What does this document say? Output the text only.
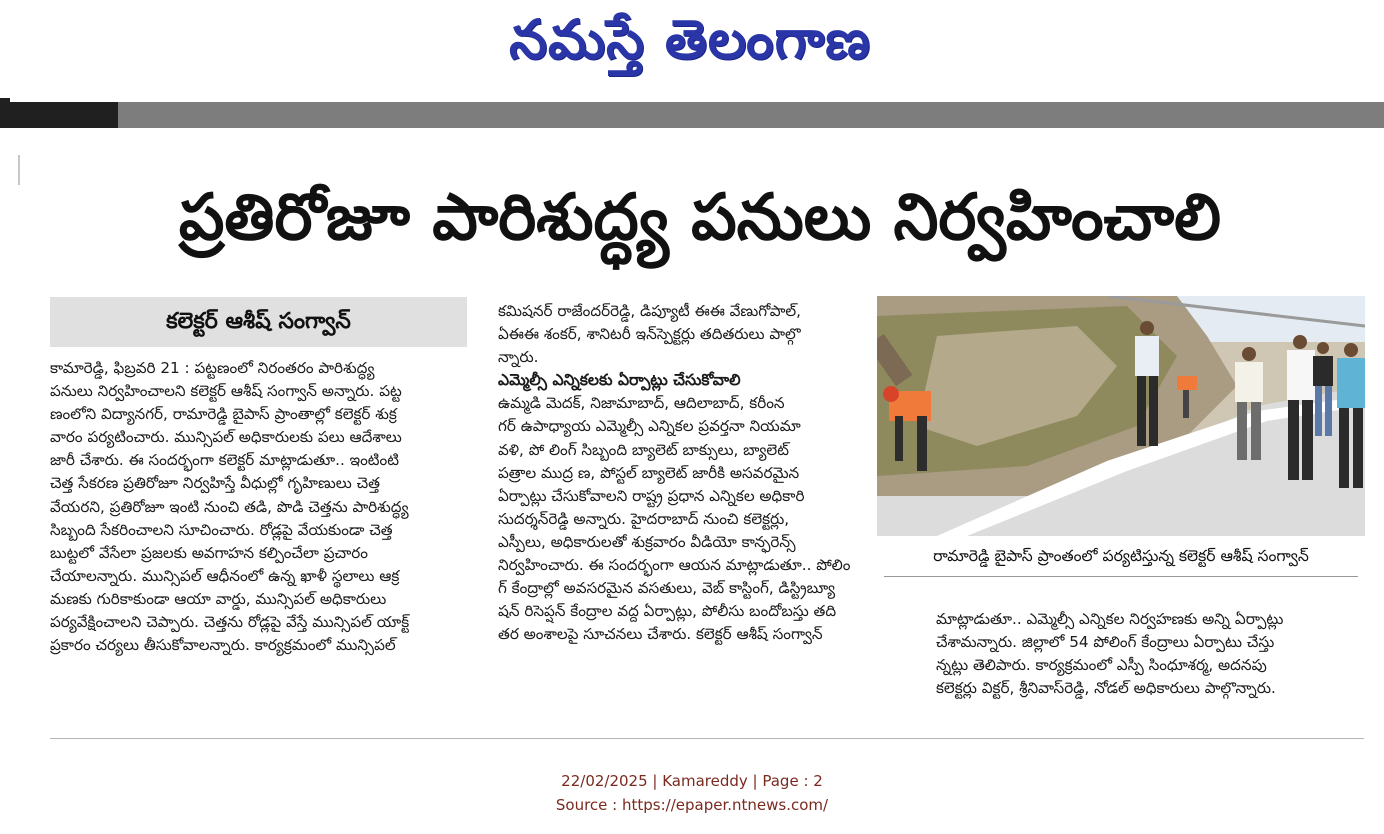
నమస్తే తెలంగాణ
ప్రతిరోజూ పారిశుద్ధ్య పనులు నిర్వహించాలి
కలెక్టర్ ఆశీష్ సంగ్వాన్

కామారెడ్డి, ఫిబ్రవరి 21 : పట్టణంలో నిరంతరం పారిశుద్ధ్య

పనులు నిర్వహించాలని కలెక్టర్ ఆశీష్ సంగ్వాన్ అన్నారు. పట్ట

ణంలోని విద్యానగర్, రామారెడ్డి బైపాస్ ప్రాంతాల్లో కలెక్టర్ శుక్ర

వారం పర్యటించారు. మున్సిపల్ అధికారులకు పలు ఆదేశాలు

జారీ చేశారు. ఈ సందర్భంగా కలెక్టర్ మాట్లాడుతూ.. ఇంటింటి

చెత్త సేకరణ ప్రతిరోజూ నిర్వహిస్తే వీధుల్లో గృహిణులు చెత్త

వేయరని, ప్రతిరోజూ ఇంటి నుంచి తడి, పొడి చెత్తను పారిశుద్ధ్య

సిబ్బంది సేకరించాలని సూచించారు. రోడ్లపై వేయకుండా చెత్త

బుట్టలో వేసేలా ప్రజలకు అవగాహన కల్పించేలా ప్రచారం

చేయాలన్నారు. మున్సిపల్ ఆధీనంలో ఉన్న ఖాళీ స్థలాలు ఆక్ర

మణకు గురికాకుండా ఆయా వార్డు, మున్సిపల్ అధికారులు

పర్యవేక్షించాలని చెప్పారు. చెత్తను రోడ్లపై వేస్తే మున్సిపల్ యాక్ట్

ప్రకారం చర్యలు తీసుకోవాలన్నారు. కార్యక్రమంలో మున్సిపల్

కమిషనర్ రాజేందర్‌రెడ్డి, డిప్యూటీ ఈఈ వేణుగోపాల్,

ఏఈఈ శంకర్, శానిటరీ ఇన్‌స్పెక్టర్లు తదితరులు పాల్గొ

న్నారు.

ఎమ్మెల్సీ ఎన్నికలకు ఏర్పాట్లు చేసుకోవాలి

ఉమ్మడి మెదక్, నిజామాబాద్, ఆదిలాబాద్, కరీంన

గర్ ఉపాధ్యాయ ఎమ్మెల్సీ ఎన్నికల ప్రవర్తనా నియమా

వళి, పో లింగ్ సిబ్బంది బ్యాలెట్ బాక్సులు, బ్యాలెట్

పత్రాల ముద్ర ణ, పోస్టల్ బ్యాలెట్ జారీకి అసవరమైన

ఏర్పాట్లు చేసుకోవాలని రాష్ట్ర ప్రధాన ఎన్నికల అధికారి

సుదర్శన్‌రెడ్డి అన్నారు. హైదరాబాద్ నుంచి కలెక్టర్లు,

ఎస్పీలు, అధికారులతో శుక్రవారం వీడియో కాన్ఫరెన్స్

నిర్వహించారు. ఈ సందర్భంగా ఆయన మాట్లాడుతూ.. పోలిం

గ్ కేంద్రాల్లో అవసరమైన వసతులు, వెబ్ కాస్టింగ్, డిస్ట్రిబ్యూ

షన్ రిసెప్షన్ కేంద్రాల వద్ద ఏర్పాట్లు, పోలీసు బందోబస్తు తది

తర అంశాలపై సూచనలు చేశారు. కలెక్టర్ ఆశీష్ సంగ్వాన్

రామారెడ్డి బైపాస్ ప్రాంతంలో పర్యటిస్తున్న కలెక్టర్ ఆశీష్ సంగ్వాన్

మాట్లాడుతూ.. ఎమ్మెల్సీ ఎన్నికల నిర్వహణకు అన్ని ఏర్పాట్లు

చేశామన్నారు. జిల్లాలో 54 పోలింగ్ కేంద్రాలు ఏర్పాటు చేస్తు

న్నట్లు తెలిపారు. కార్యక్రమంలో ఎస్పీ సింధూశర్మ, అదనపు

కలెక్టర్లు విక్టర్, శ్రీనివాస్‌రెడ్డి, నోడల్ అధికారులు పాల్గొన్నారు.

22/02/2025 | Kamareddy | Page : 2
Source : https://epaper.ntnews.com/
